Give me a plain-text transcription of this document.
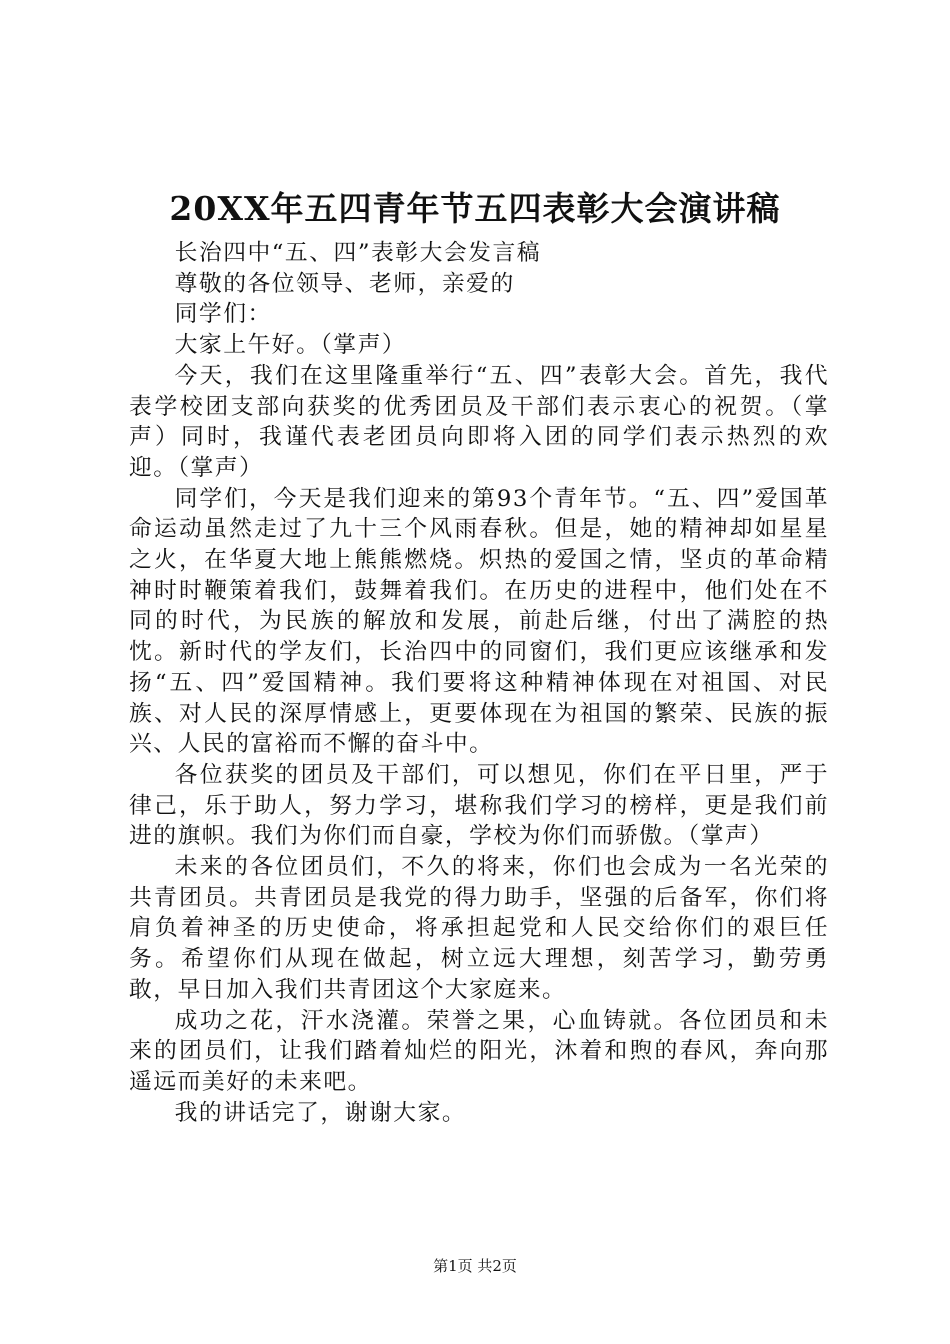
20XX年五四青年节五四表彰大会演讲稿

长治四中“五、四”表彰大会发言稿

尊敬的各位领导、老师，亲爱的

同学们：

大家上午好。（掌声）

今天，我们在这里隆重举行“五、四”表彰大会。首先，我代表学校团支部向获奖的优秀团员及干部们表示衷心的祝贺。（掌声）同时，我谨代表老团员向即将入团的同学们表示热烈的欢迎。（掌声）

同学们，今天是我们迎来的第93个青年节。“五、四”爱国革命运动虽然走过了九十三个风雨春秋。但是，她的精神却如星星之火，在华夏大地上熊熊燃烧。炽热的爱国之情，坚贞的革命精神时时鞭策着我们，鼓舞着我们。在历史的进程中，他们处在不同的时代，为民族的解放和发展，前赴后继，付出了满腔的热忱。新时代的学友们，长治四中的同窗们，我们更应该继承和发扬“五、四”爱国精神。我们要将这种精神体现在对祖国、对民族、对人民的深厚情感上，更要体现在为祖国的繁荣、民族的振兴、人民的富裕而不懈的奋斗中。

各位获奖的团员及干部们，可以想见，你们在平日里，严于律己，乐于助人，努力学习，堪称我们学习的榜样，更是我们前进的旗帜。我们为你们而自豪，学校为你们而骄傲。（掌声）

未来的各位团员们，不久的将来，你们也会成为一名光荣的共青团员。共青团员是我党的得力助手，坚强的后备军，你们将肩负着神圣的历史使命，将承担起党和人民交给你们的艰巨任务。希望你们从现在做起，树立远大理想，刻苦学习，勤劳勇敢，早日加入我们共青团这个大家庭来。

成功之花，汗水浇灌。荣誉之果，心血铸就。各位团员和未来的团员们，让我们踏着灿烂的阳光，沐着和煦的春风，奔向那遥远而美好的未来吧。

我的讲话完了，谢谢大家。

第1页 共2页
